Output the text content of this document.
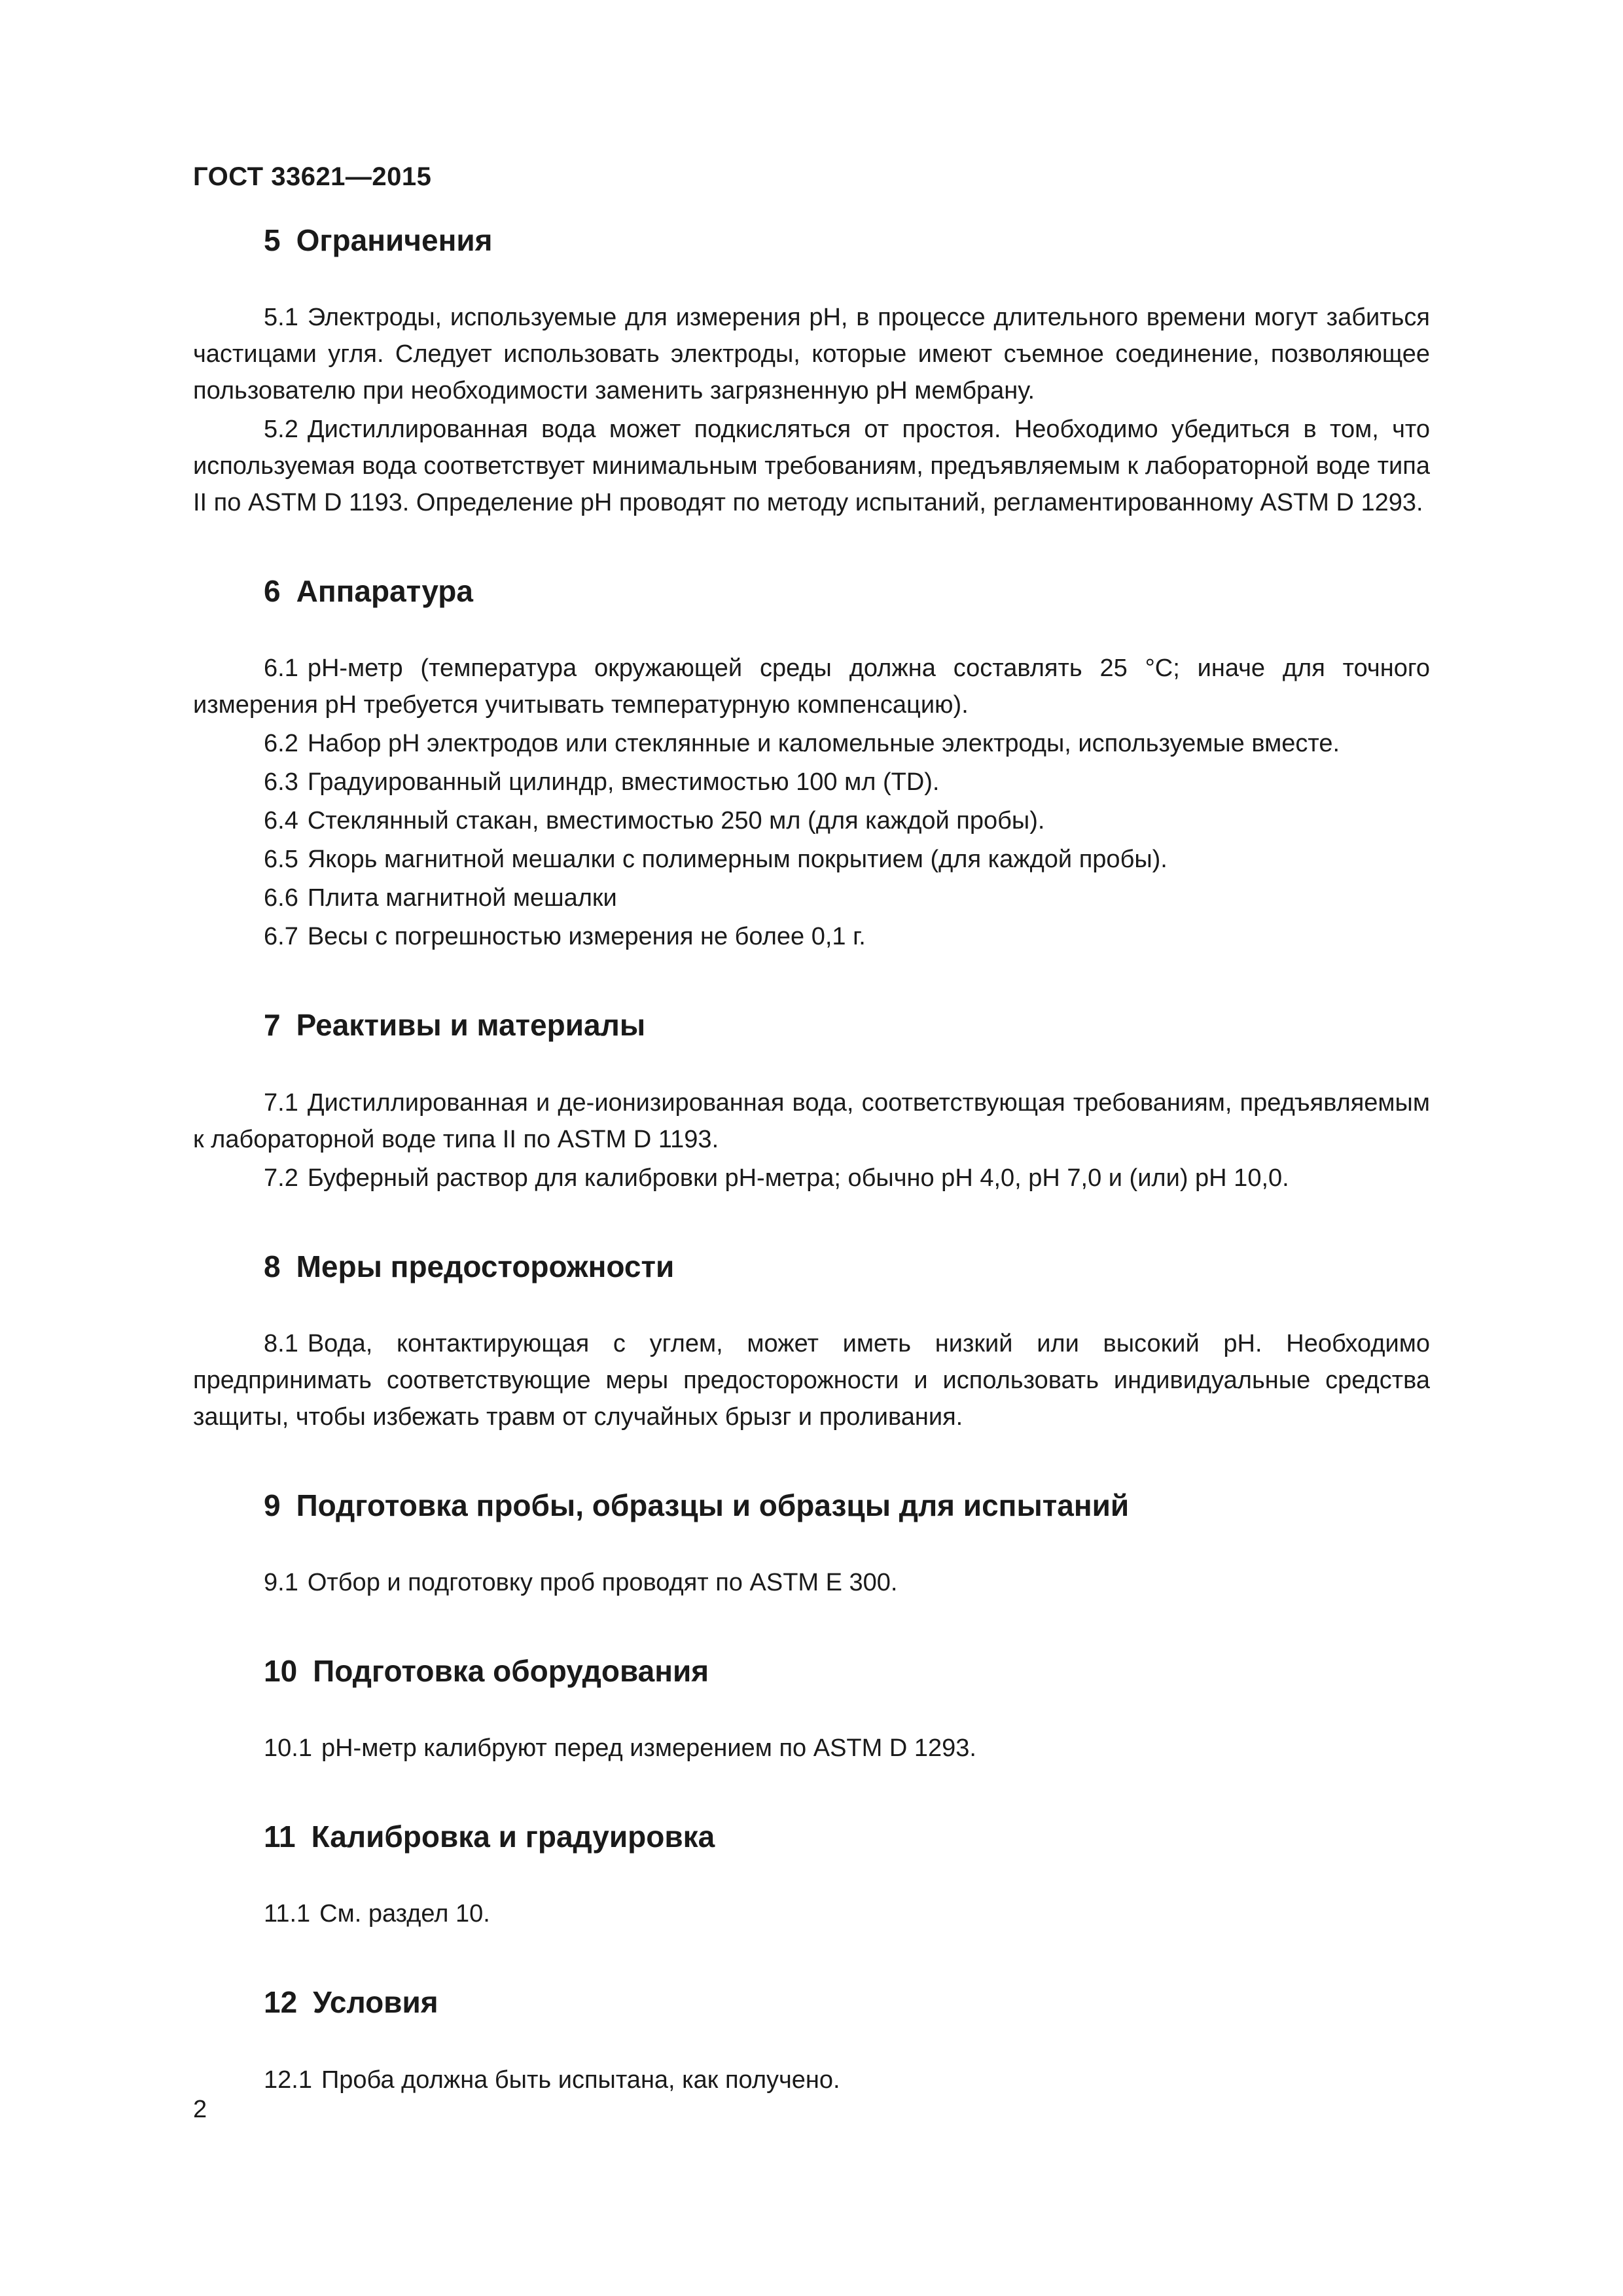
ГОСТ 33621—2015
5 Ограничения

5.1 Электроды, используемые для измерения pH, в процессе длительного времени могут забиться частицами угля. Следует использовать электроды, которые имеют съемное соединение, позволяющее пользователю при необходимости заменить загрязненную pH мембрану.

5.2 Дистиллированная вода может подкисляться от простоя. Необходимо убедиться в том, что используемая вода соответствует минимальным требованиям, предъявляемым к лабораторной воде типа II по ASTM D 1193. Определение pH проводят по методу испытаний, регламентированному ASTM D 1293.

6 Аппаратура

6.1 pH-метр (температура окружающей среды должна составлять 25 °С; иначе для точного измерения pH требуется учитывать температурную компенсацию).

6.2 Набор pH электродов или стеклянные и каломельные электроды, используемые вместе.

6.3 Градуированный цилиндр, вместимостью 100 мл (TD).

6.4 Стеклянный стакан, вместимостью 250 мл (для каждой пробы).

6.5 Якорь магнитной мешалки с полимерным покрытием (для каждой пробы).

6.6 Плита магнитной мешалки

6.7 Весы с погрешностью измерения не более 0,1 г.

7 Реактивы и материалы

7.1 Дистиллированная и де-ионизированная вода, соответствующая требованиям, предъявляемым к лабораторной воде типа II по ASTM D 1193.

7.2 Буферный раствор для калибровки pH-метра; обычно pH 4,0, pH 7,0 и (или) pH 10,0.

8 Меры предосторожности

8.1 Вода, контактирующая с углем, может иметь низкий или высокий pH. Необходимо предпринимать соответствующие меры предосторожности и использовать индивидуальные средства защиты, чтобы избежать травм от случайных брызг и проливания.

9 Подготовка пробы, образцы и образцы для испытаний

9.1 Отбор и подготовку проб проводят по ASTM E 300.

10 Подготовка оборудования

10.1 pH-метр калибруют перед измерением по ASTM D 1293.

11 Калибровка и градуировка

11.1 См. раздел 10.

12 Условия

12.1 Проба должна быть испытана, как получено.

2
